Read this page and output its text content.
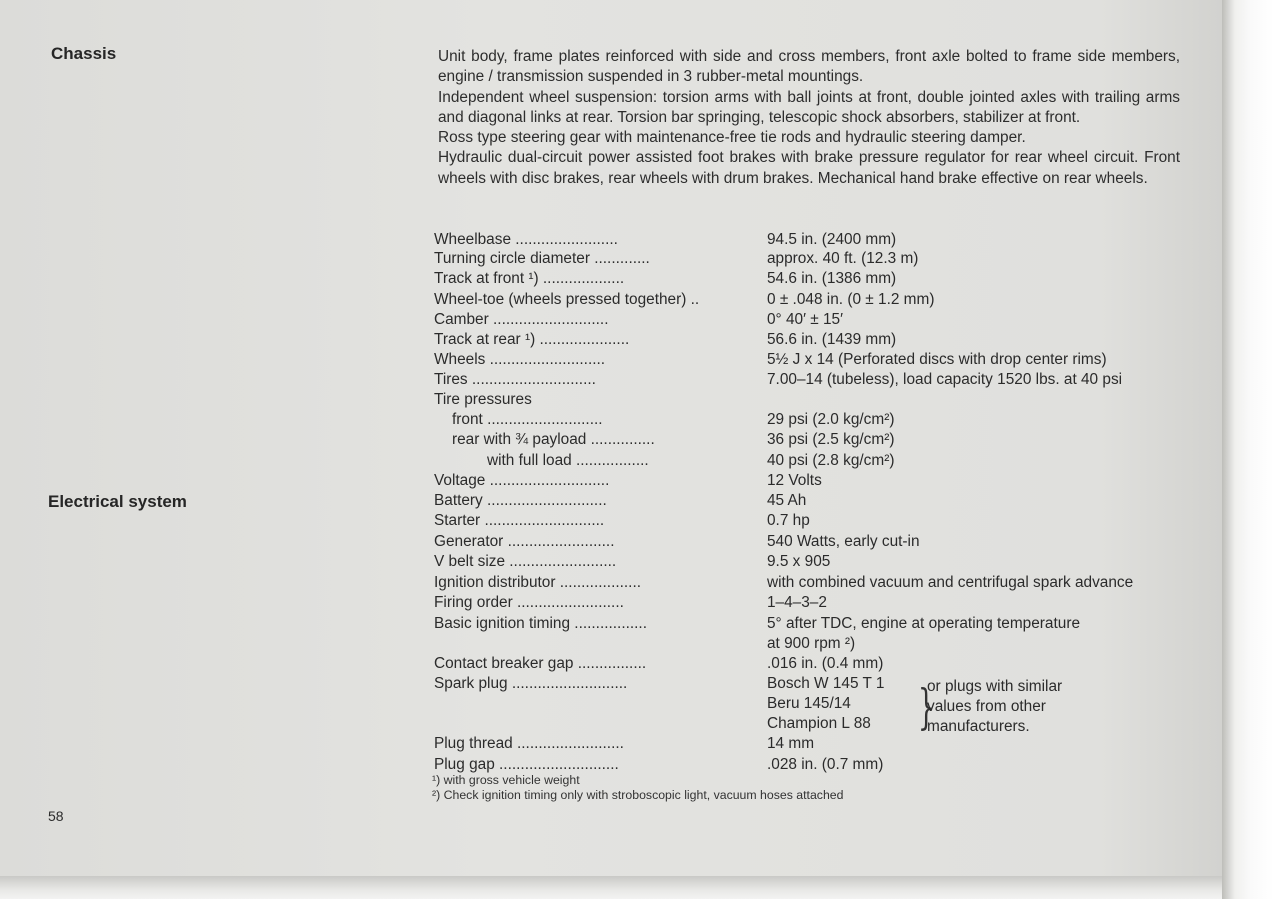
Chassis
Electrical system
58

Unit body, frame plates reinforced with side and cross members, front axle bolted to frame side members, engine / transmission suspended in 3 rubber-metal mountings.

Independent wheel suspension: torsion arms with ball joints at front, double jointed axles with trailing arms and diagonal links at rear. Torsion bar springing, telescopic shock absorbers, stabilizer at front.

Ross type steering gear with maintenance-free tie rods and hydraulic steering damper.

Hydraulic dual-circuit power assisted foot brakes with brake pressure regulator for rear wheel circuit. Front wheels with disc brakes, rear wheels with drum brakes. Mechanical hand brake effective on rear wheels.

}
or plugs with similar
values from other
manufacturers.
Wheelbase ........................	94.5 in. (2400 mm)
Turning circle diameter .............	approx. 40 ft. (12.3 m)
Track at front ¹) ...................	54.6 in. (1386 mm)
Wheel-toe (wheels pressed together) ..	0 ± .048 in. (0 ± 1.2 mm)
Camber ...........................	0° 40′ ± 15′
Track at rear ¹) .....................	56.6 in. (1439 mm)
Wheels ...........................	5½ J x 14 (Perforated discs with drop center rims)
Tires .............................	7.00–14 (tubeless), load capacity 1520 lbs. at 40 psi
Tire pressures
front ...........................	29 psi (2.0 kg/cm²)
rear with ¾ payload ...............	36 psi (2.5 kg/cm²)
with full load .................	40 psi (2.8 kg/cm²)
Voltage ............................	12 Volts
Battery ............................	45 Ah
Starter ............................	0.7 hp
Generator .........................	540 Watts, early cut-in
V belt size .........................	9.5 x 905
Ignition distributor ...................	with combined vacuum and centrifugal spark advance
Firing order .........................	1–4–3–2
Basic ignition timing .................	5° after TDC, engine at operating temperature
at 900 rpm ²)
Contact breaker gap ................	.016 in. (0.4 mm)
Spark plug ...........................	Bosch W 145 T 1
Beru 145/14
Champion L 88
Plug thread .........................	14 mm
Plug gap ............................	.028 in. (0.7 mm)
¹) with gross vehicle weight
²) Check ignition timing only with stroboscopic light, vacuum hoses attached
